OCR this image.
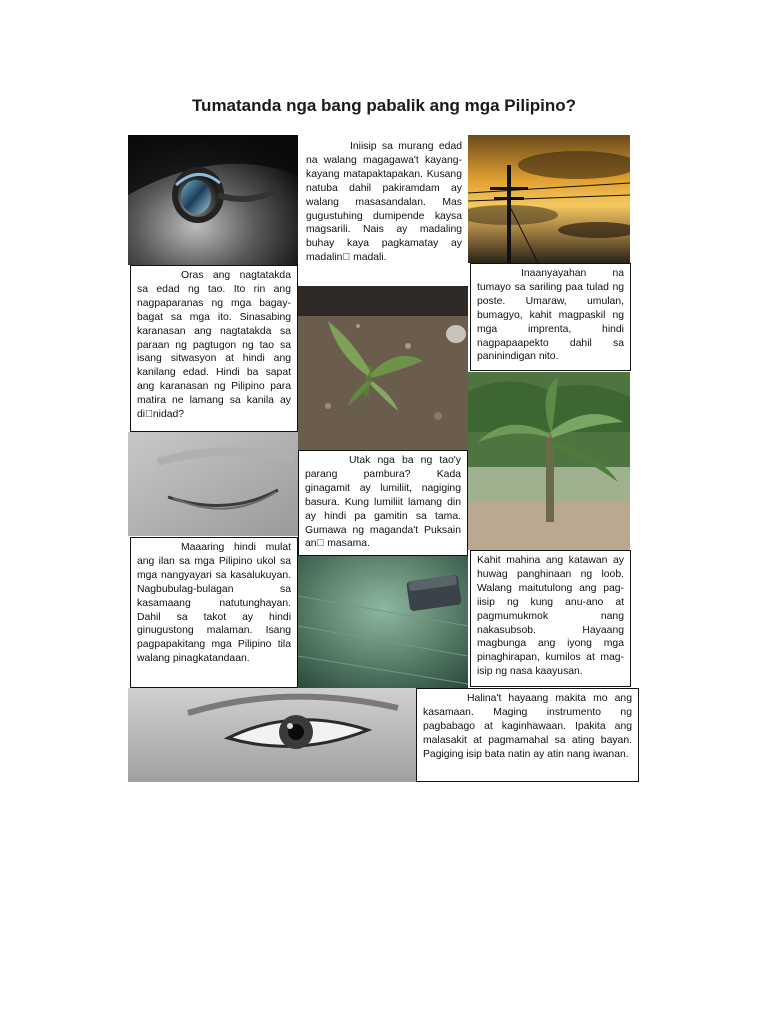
Tumatanda nga bang pabalik ang mga Pilipino?
Iniisip sa murang edad na walang magagawa't kayang-kayang matapaktapakan. Kusang natuba dahil pakiramdam ay walang masasandalan. Mas gugustuhing dumipende kaysa magsarili. Nais ay madaling buhay kaya pagkamatay ay madalin  madali.
Oras ang nagtatakda sa edad ng tao. Ito rin ang nagpaparanas ng mga bagay-bagat sa mga ito. Sinasabing karanasan ang nagtatakda sa paraan ng pagtugon ng tao sa isang sitwasyon at hindi ang kanilang edad. Hindi ba sapat ang karanasan ng Pilipino para matira ne lamang sa kanila ay di nidad?
Inaanyayahan na tumayo sa sariling paa tulad ng poste. Umaraw, umulan, bumagyo, kahit magpaskil ng mga imprenta, hindi nagpapaapekto dahil sa paninindigan nito.
Utak nga ba ng tao'y parang pambura? Kada ginagamit ay lumiliit, nagiging basura. Kung lumiliit lamang din ay hindi pa gamitin sa tama. Gumawa ng maganda't Puksain an  masama.
Maaaring hindi mulat ang ilan sa mga Pilipino ukol sa mga nangyayari sa kasalukuyan. Nagbubulag-bulagan sa kasamaang natutunghayan. Dahil sa takot ay hindi ginugustong malaman. Isang pagpapakitang mga Pilipino tila walang pinagkatandaan.
Kahit mahina ang katawan ay huwag panghinaan ng loob. Walang maitutulong ang pag-iisip ng kung anu-ano at pagmumukmok nang nakasubsob. Hayaang magbunga ang iyong mga pinaghirapan, kumilos at mag-isip ng nasa kaayusan.
Halina't hayaang makita mo ang kasamaan. Maging instrumento ng pagbabago at kaginhawaan. Ipakita ang malasakit at pagmamahal sa ating bayan. Pagiging isip bata natin ay atin nang iwanan.
